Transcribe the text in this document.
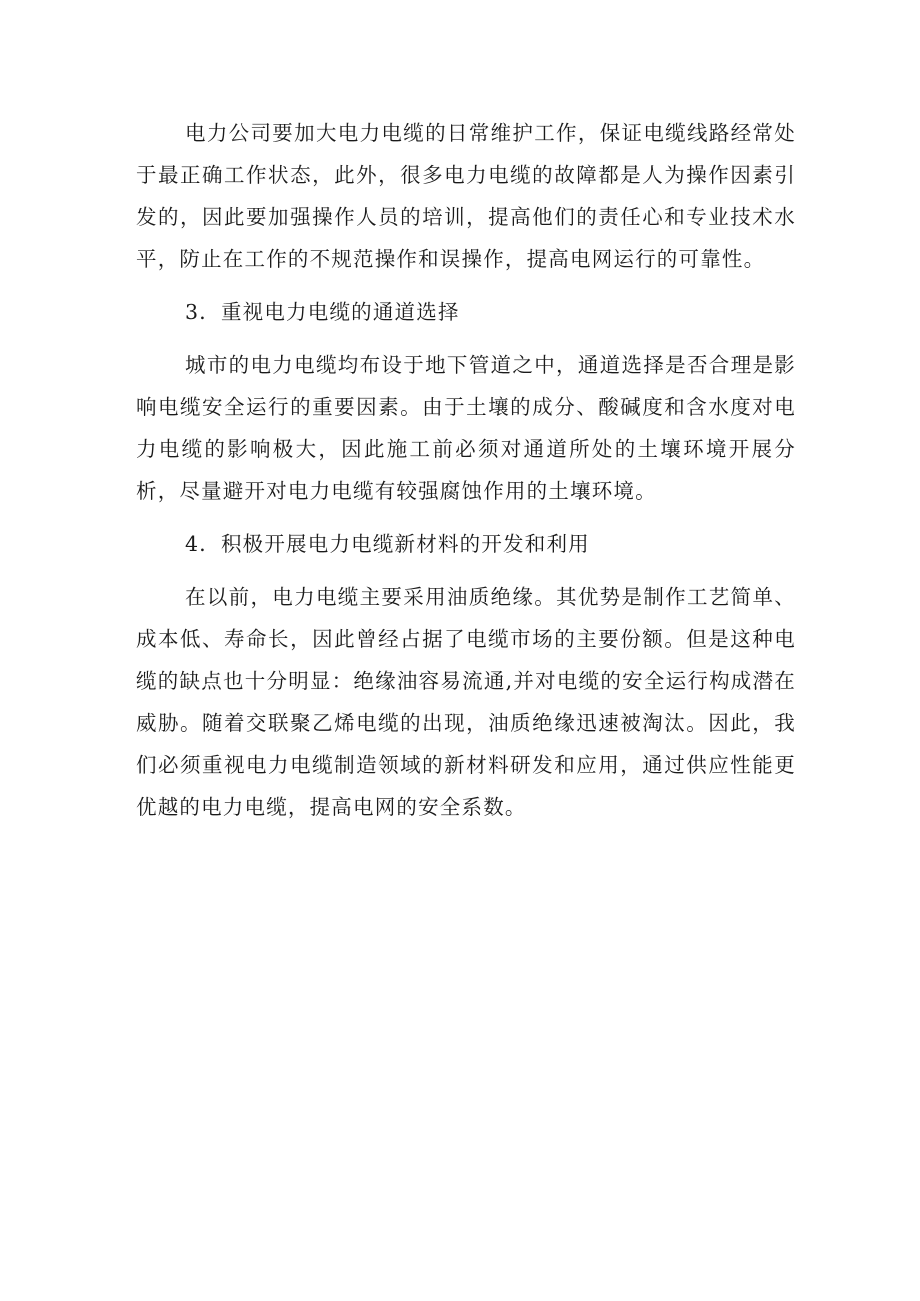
电力公司要加大电力电缆的日常维护工作，保证电缆线路经常处于最正确工作状态，此外，很多电力电缆的故障都是人为操作因素引发的，因此要加强操作人员的培训，提高他们的责任心和专业技术水平，防止在工作的不规范操作和误操作，提高电网运行的可靠性。

3．重视电力电缆的通道选择

城市的电力电缆均布设于地下管道之中，通道选择是否合理是影响电缆安全运行的重要因素。由于土壤的成分、酸碱度和含水度对电力电缆的影响极大，因此施工前必须对通道所处的土壤环境开展分析，尽量避开对电力电缆有较强腐蚀作用的土壤环境。

4．积极开展电力电缆新材料的开发和利用

在以前，电力电缆主要采用油质绝缘。其优势是制作工艺简单、成本低、寿命长，因此曾经占据了电缆市场的主要份额。但是这种电缆的缺点也十分明显：绝缘油容易流通,并对电缆的安全运行构成潜在威胁。随着交联聚乙烯电缆的出现，油质绝缘迅速被淘汰。因此，我们必须重视电力电缆制造领域的新材料研发和应用，通过供应性能更优越的电力电缆，提高电网的安全系数。
